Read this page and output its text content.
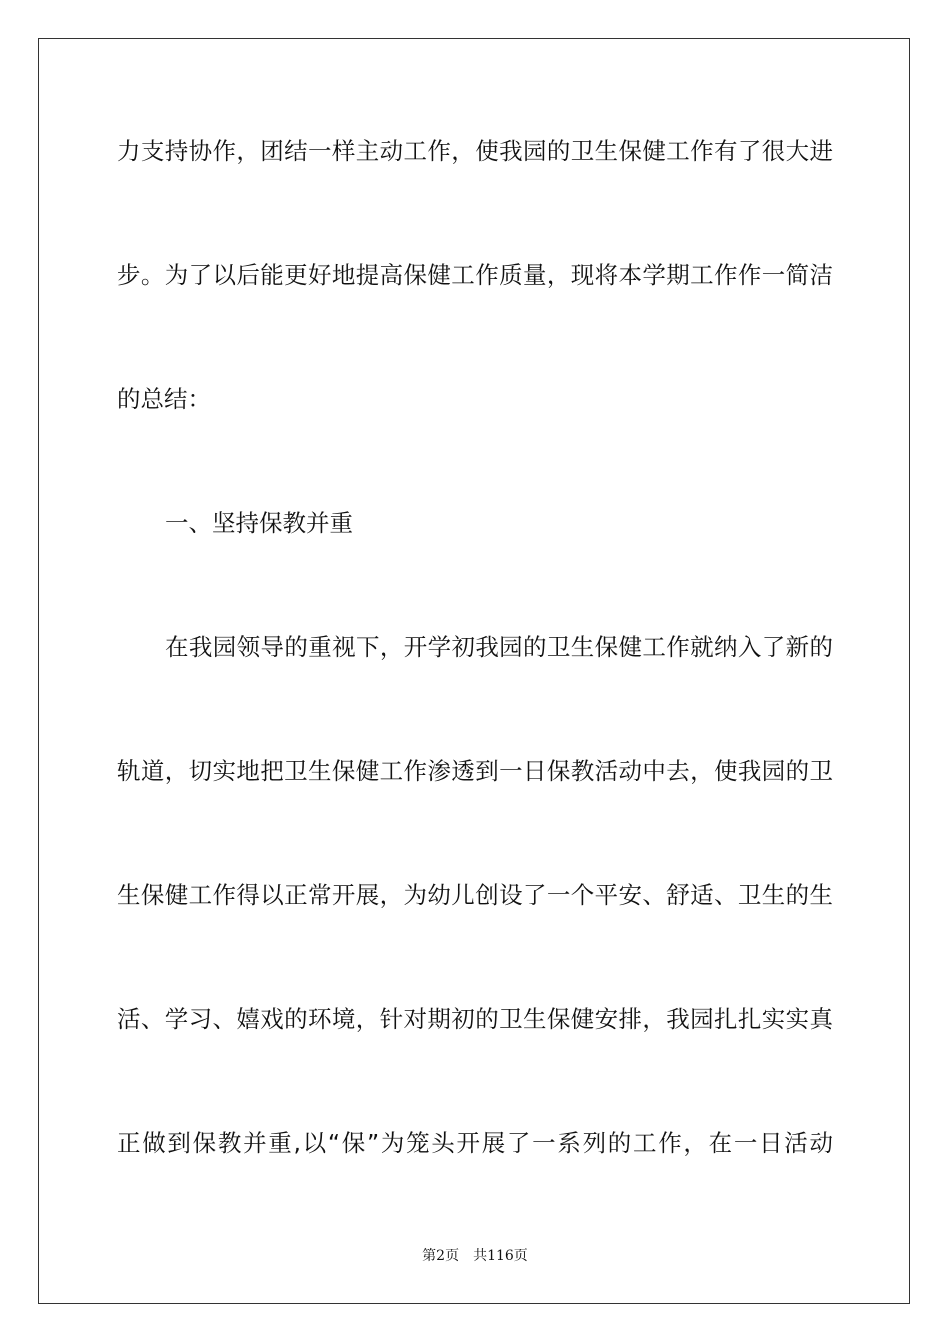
力支持协作，团结一样主动工作，使我园的卫生保健工作有了很大进
步。为了以后能更好地提高保健工作质量，现将本学期工作作一简洁
的总结：
一、坚持保教并重
在我园领导的重视下，开学初我园的卫生保健工作就纳入了新的
轨道，切实地把卫生保健工作渗透到一日保教活动中去，使我园的卫
生保健工作得以正常开展，为幼儿创设了一个平安、舒适、卫生的生
活、学习、嬉戏的环境，针对期初的卫生保健安排，我园扎扎实实真
正做到保教并重,以“保”为笼头开展了一系列的工作，在一日活动
第2页　共116页
